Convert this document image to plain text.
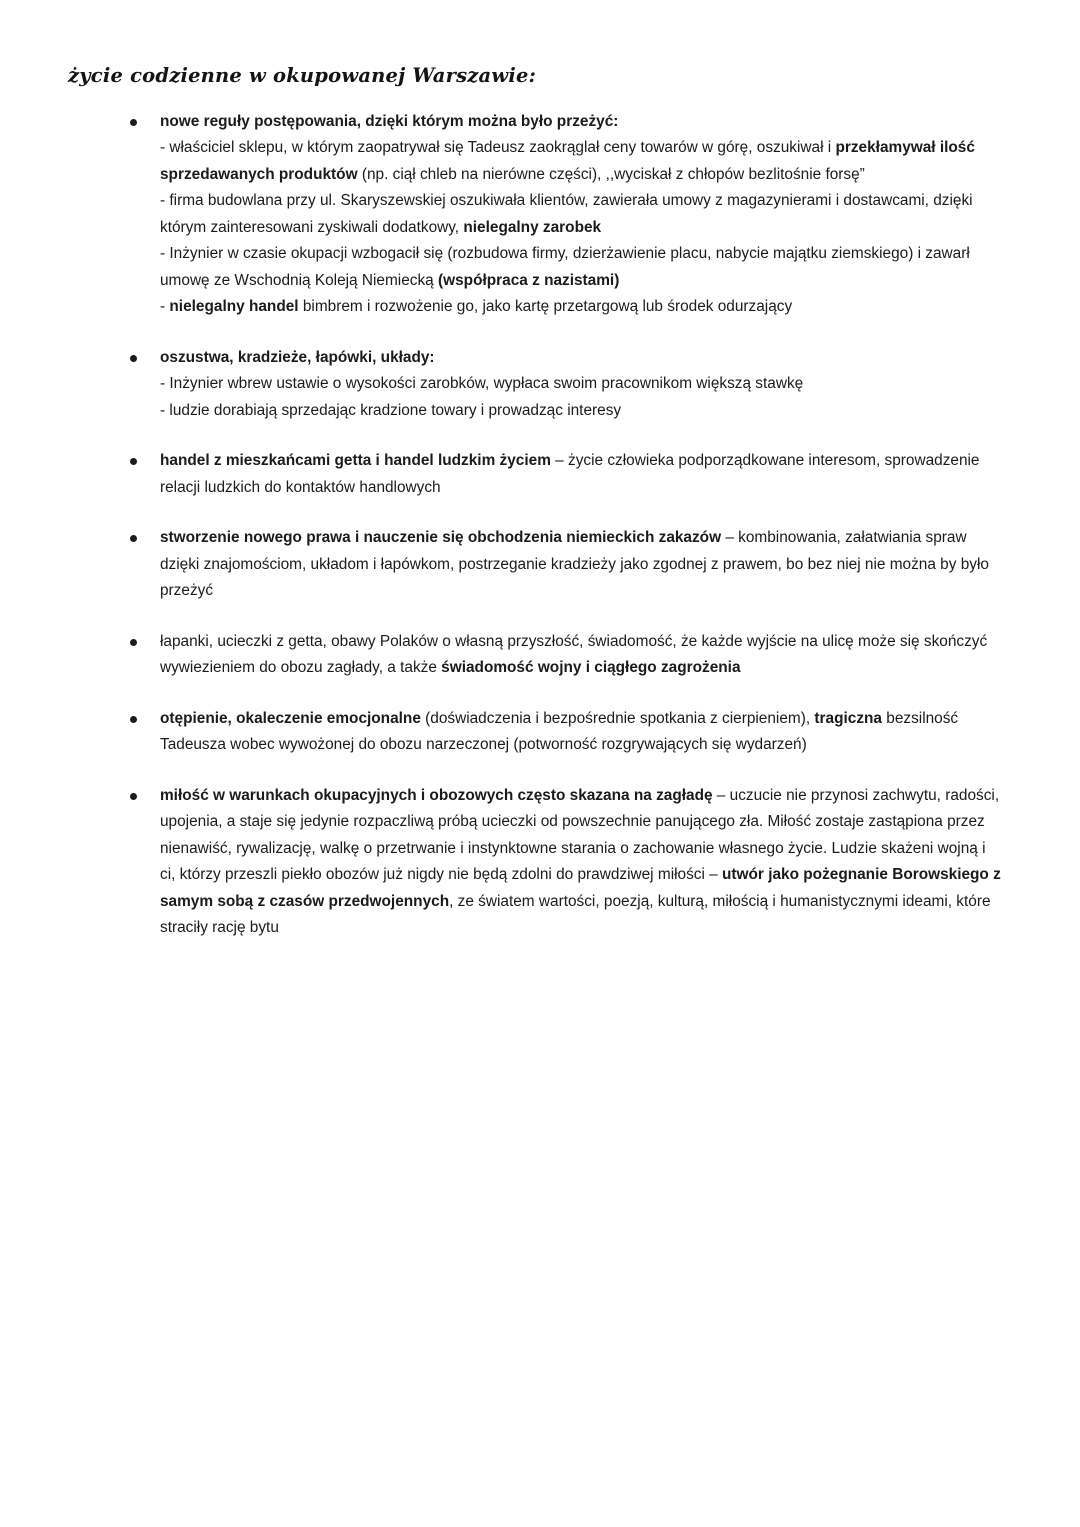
życie codzienne w okupowanej Warszawie:
nowe reguły postępowania, dzięki którym można było przeżyć:

- właściciel sklepu, w którym zaopatrywał się Tadeusz zaokrąglał ceny towarów w górę, oszukiwał i przekłamywał ilość sprzedawanych produktów (np. ciął chleb na nierówne części), ,,wyciskał z chłopów bezlitośnie forsę”
- firma budowlana przy ul. Skaryszewskiej oszukiwała klientów, zawierała umowy z magazynierami i dostawcami, dzięki którym zainteresowani zyskiwali dodatkowy, nielegalny zarobek
- Inżynier w czasie okupacji wzbogacił się (rozbudowa firmy, dzierżawienie placu, nabycie majątku ziemskiego) i zawarł umowę ze Wschodnią Koleją Niemiecką (współpraca z nazistami)
- nielegalny handel bimbrem i rozwożenie go, jako kartę przetargową lub środek odurzający
oszustwa, kradzieże, łapówki, układy:

- Inżynier wbrew ustawie o wysokości zarobków, wypłaca swoim pracownikom większą stawkę
- ludzie dorabiają sprzedając kradzione towary i prowadząc interesy
handel z mieszkańcami getta i handel ludzkim życiem – życie człowieka podporządkowane interesom, sprowadzenie relacji ludzkich do kontaktów handlowych
stworzenie nowego prawa i nauczenie się obchodzenia niemieckich zakazów – kombinowania, załatwiania spraw dzięki znajomościom, układom i łapówkom, postrzeganie kradzieży jako zgodnej z prawem, bo bez niej nie można by było przeżyć
łapanki, ucieczki z getta, obawy Polaków o własną przyszłość, świadomość, że każde wyjście na ulicę może się skończyć wywiezieniem do obozu zagłady, a także świadomość wojny i ciągłego zagrożenia
otępienie, okaleczenie emocjonalne (doświadczenia i bezpośrednie spotkania z cierpieniem), tragiczna bezsilność Tadeusza wobec wywożonej do obozu narzeczonej (potworność rozgrywających się wydarzeń)
miłość w warunkach okupacyjnych i obozowych często skazana na zagładę – uczucie nie przynosi zachwytu, radości, upojenia, a staje się jedynie rozpaczliwą próbą ucieczki od powszechnie panującego zła. Miłość zostaje zastąpiona przez nienawiść, rywalizację, walkę o przetrwanie i instynktowne starania o zachowanie własnego życie. Ludzie skażeni wojną i ci, którzy przeszli piekło obozów już nigdy nie będą zdolni do prawdziwej miłości – utwór jako pożegnanie Borowskiego z samym sobą z czasów przedwojennych, ze światem wartości, poezją, kulturą, miłością i humanistycznymi ideami, które straciły rację bytu
